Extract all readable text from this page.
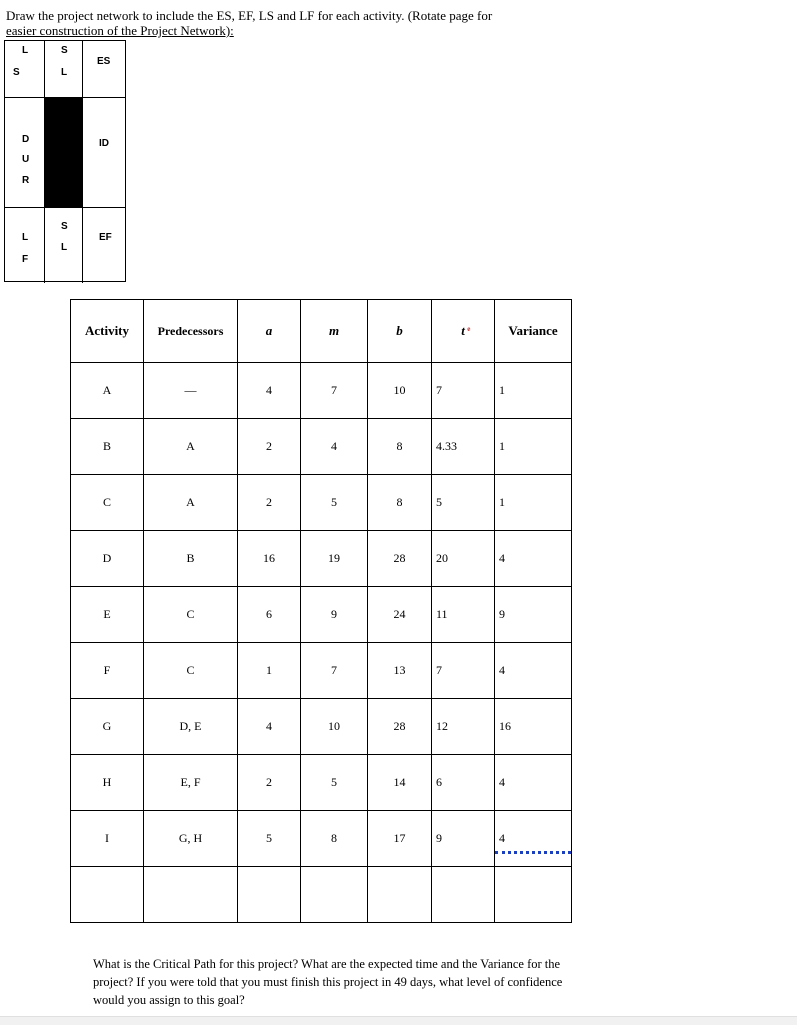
Draw the project network to include the ES, EF, LS and LF for each activity. (Rotate page for
easier construction of the Project Network):
L
S
S
L
ES
D
U
R
ID
L
F
S
L
EF
Activity	Predecessors	a	m	b	t e	Variance
A	—	4	7	10	7	1
B	A	2	4	8	4.33	1
C	A	2	5	8	5	1
D	B	16	19	28	20	4
E	C	6	9	24	11	9
F	C	1	7	13	7	4
G	D, E	4	10	28	12	16
H	E, F	2	5	14	6	4
I	G, H	5	8	17	9	4

What is the Critical Path for this project? What are the expected time and the Variance for the project? If you were told that you must finish this project in 49 days, what level of confidence would you assign to this goal?
